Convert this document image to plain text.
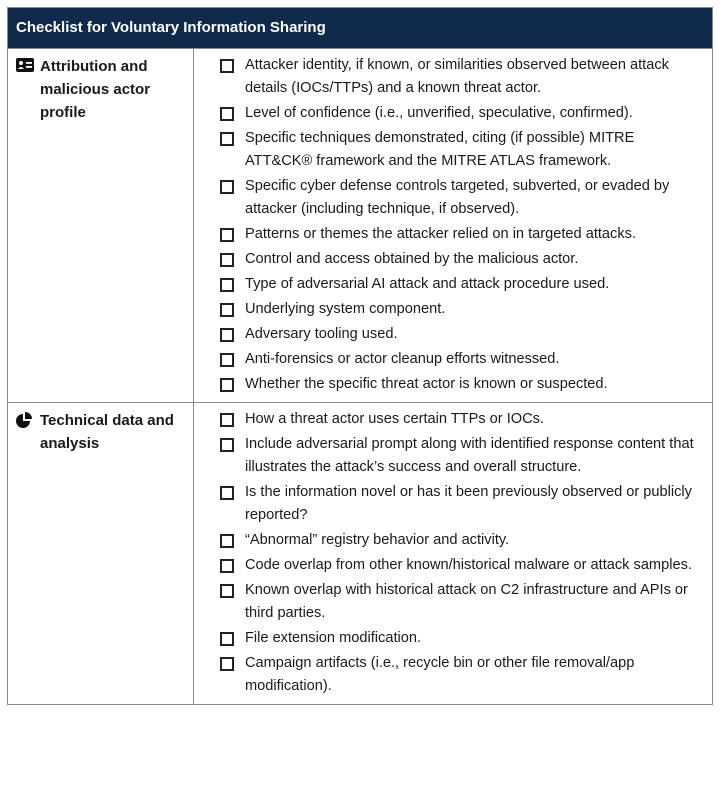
Checklist for Voluntary Information Sharing
Attribution and malicious actor profile
Attacker identity, if known, or similarities observed between attack details (IOCs/TTPs) and a known threat actor.
Level of confidence (i.e., unverified, speculative, confirmed).
Specific techniques demonstrated, citing (if possible) MITRE ATT&CK® framework and the MITRE ATLAS framework.
Specific cyber defense controls targeted, subverted, or evaded by attacker (including technique, if observed).
Patterns or themes the attacker relied on in targeted attacks.
Control and access obtained by the malicious actor.
Type of adversarial AI attack and attack procedure used.
Underlying system component.
Adversary tooling used.
Anti-forensics or actor cleanup efforts witnessed.
Whether the specific threat actor is known or suspected.
Technical data and analysis
How a threat actor uses certain TTPs or IOCs.
Include adversarial prompt along with identified response content that illustrates the attack’s success and overall structure.
Is the information novel or has it been previously observed or publicly reported?
“Abnormal” registry behavior and activity.
Code overlap from other known/historical malware or attack samples.
Known overlap with historical attack on C2 infrastructure and APIs or third parties.
File extension modification.
Campaign artifacts (i.e., recycle bin or other file removal/app modification).
